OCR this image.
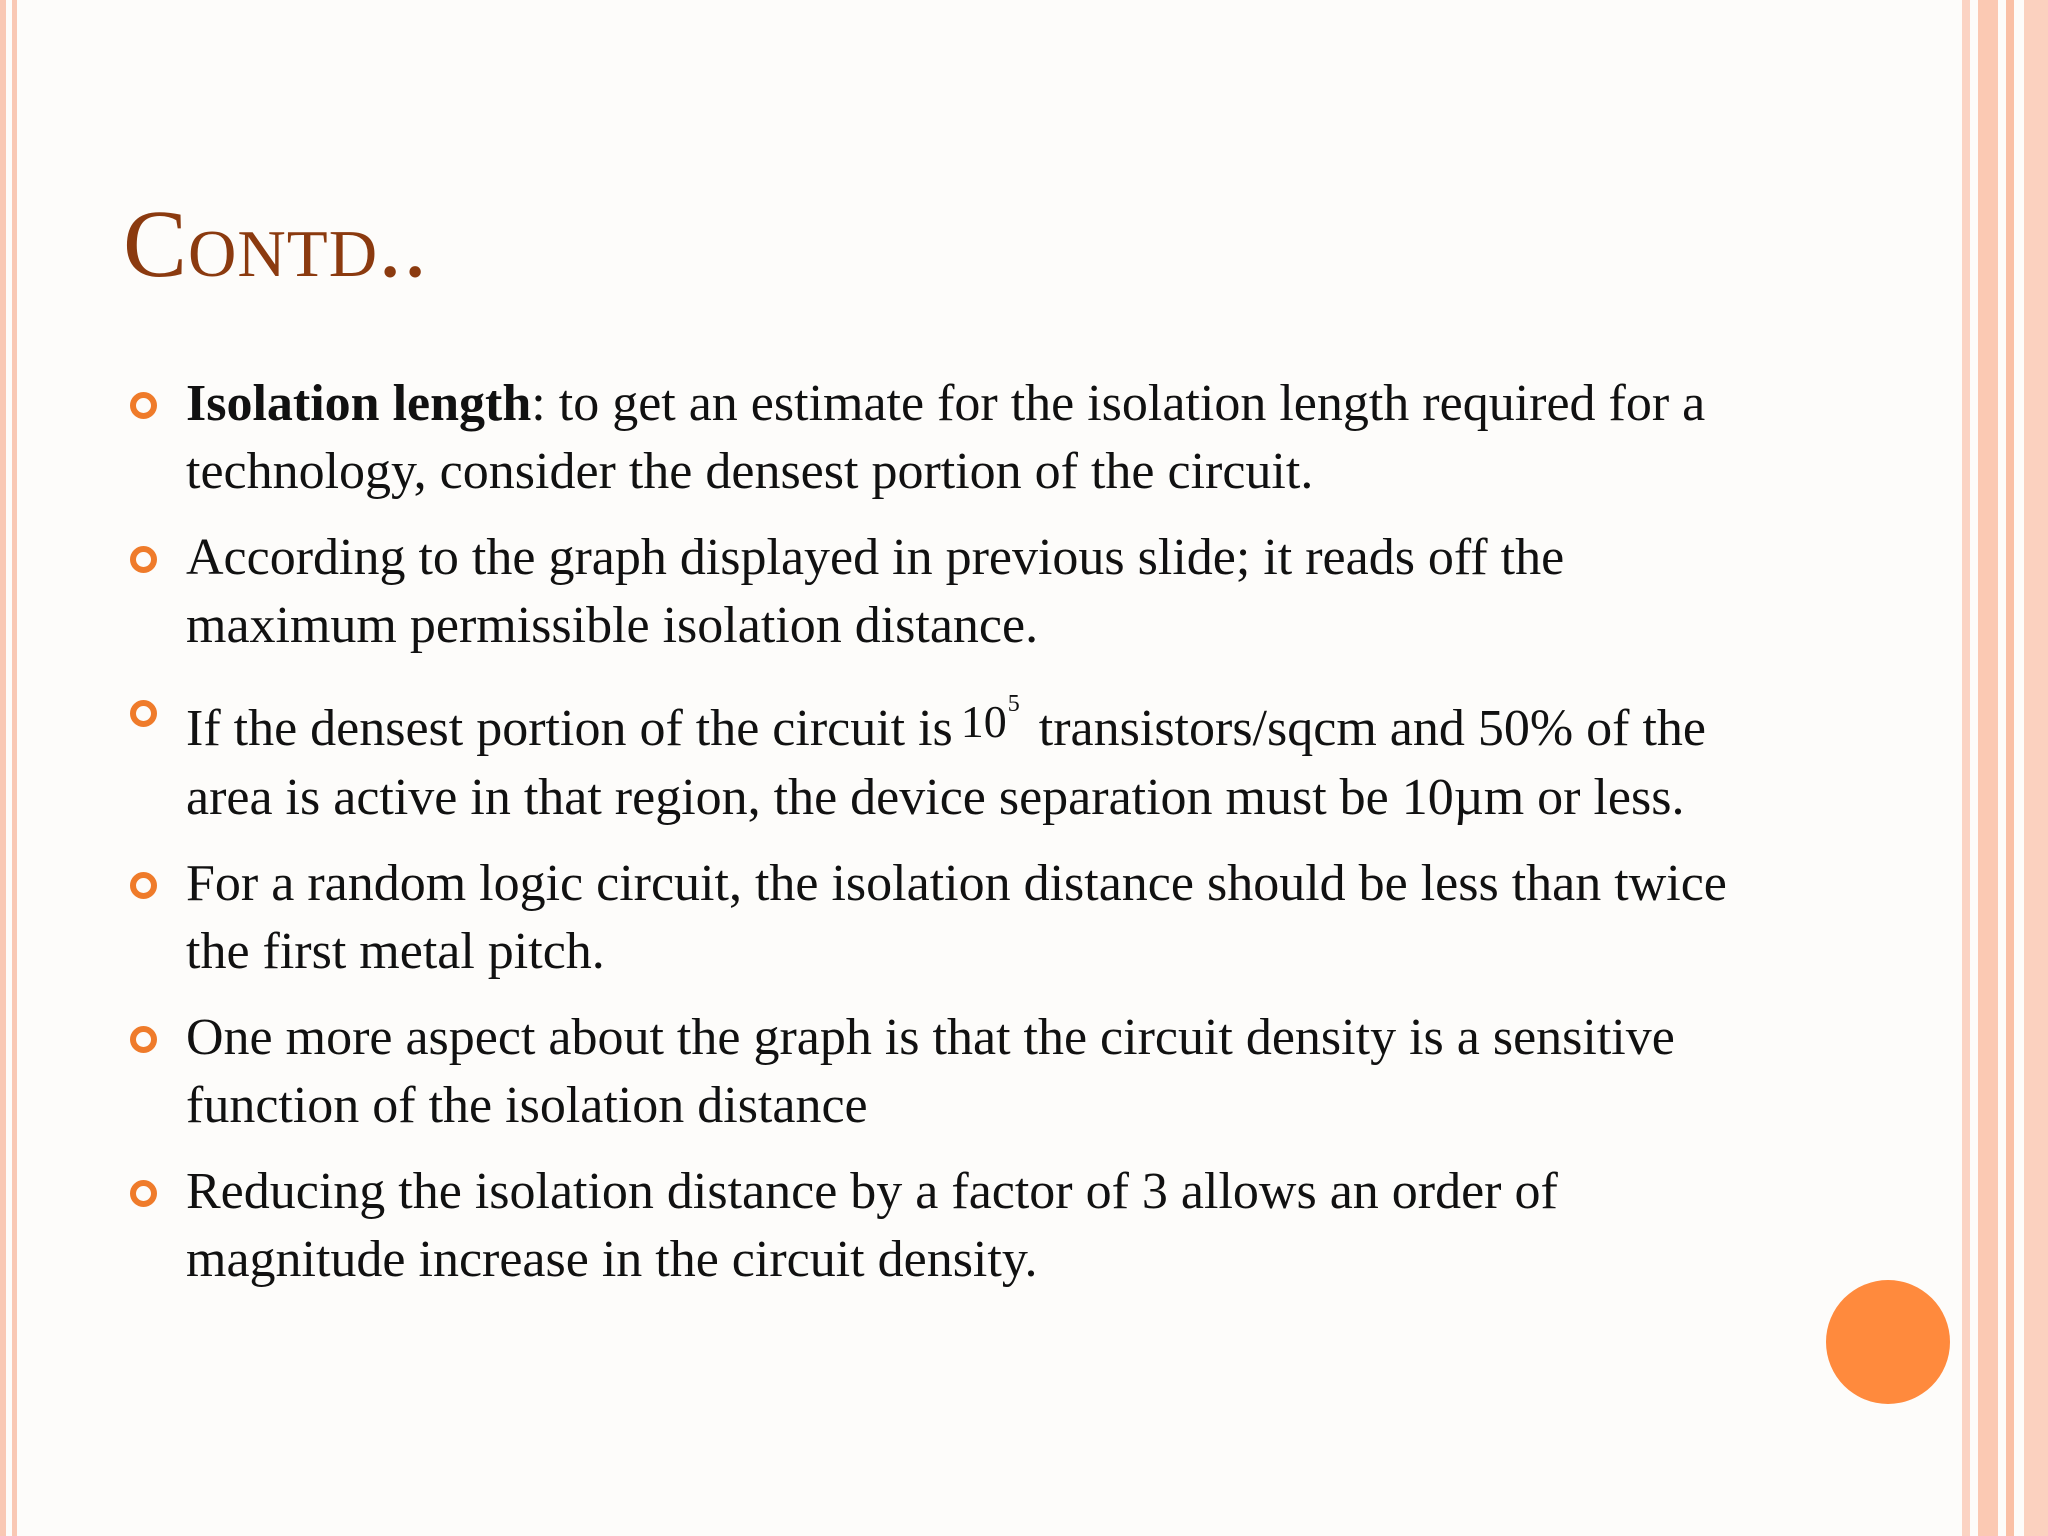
Contd..
Isolation length: to get an estimate for the isolation length required for a technology, consider the densest portion of the circuit.
According to the graph displayed in previous slide; it reads off the maximum permissible isolation distance.
If the densest portion of the circuit is $10^5$ transistors/sqcm and 50% of the area is active in that region, the device separation must be 10µm or less.
For a random logic circuit, the isolation distance should be less than twice the first metal pitch.
One more aspect about the graph is that the circuit density is a sensitive function of the isolation distance
Reducing the isolation distance by a factor of 3 allows an order of magnitude increase in the circuit density.
